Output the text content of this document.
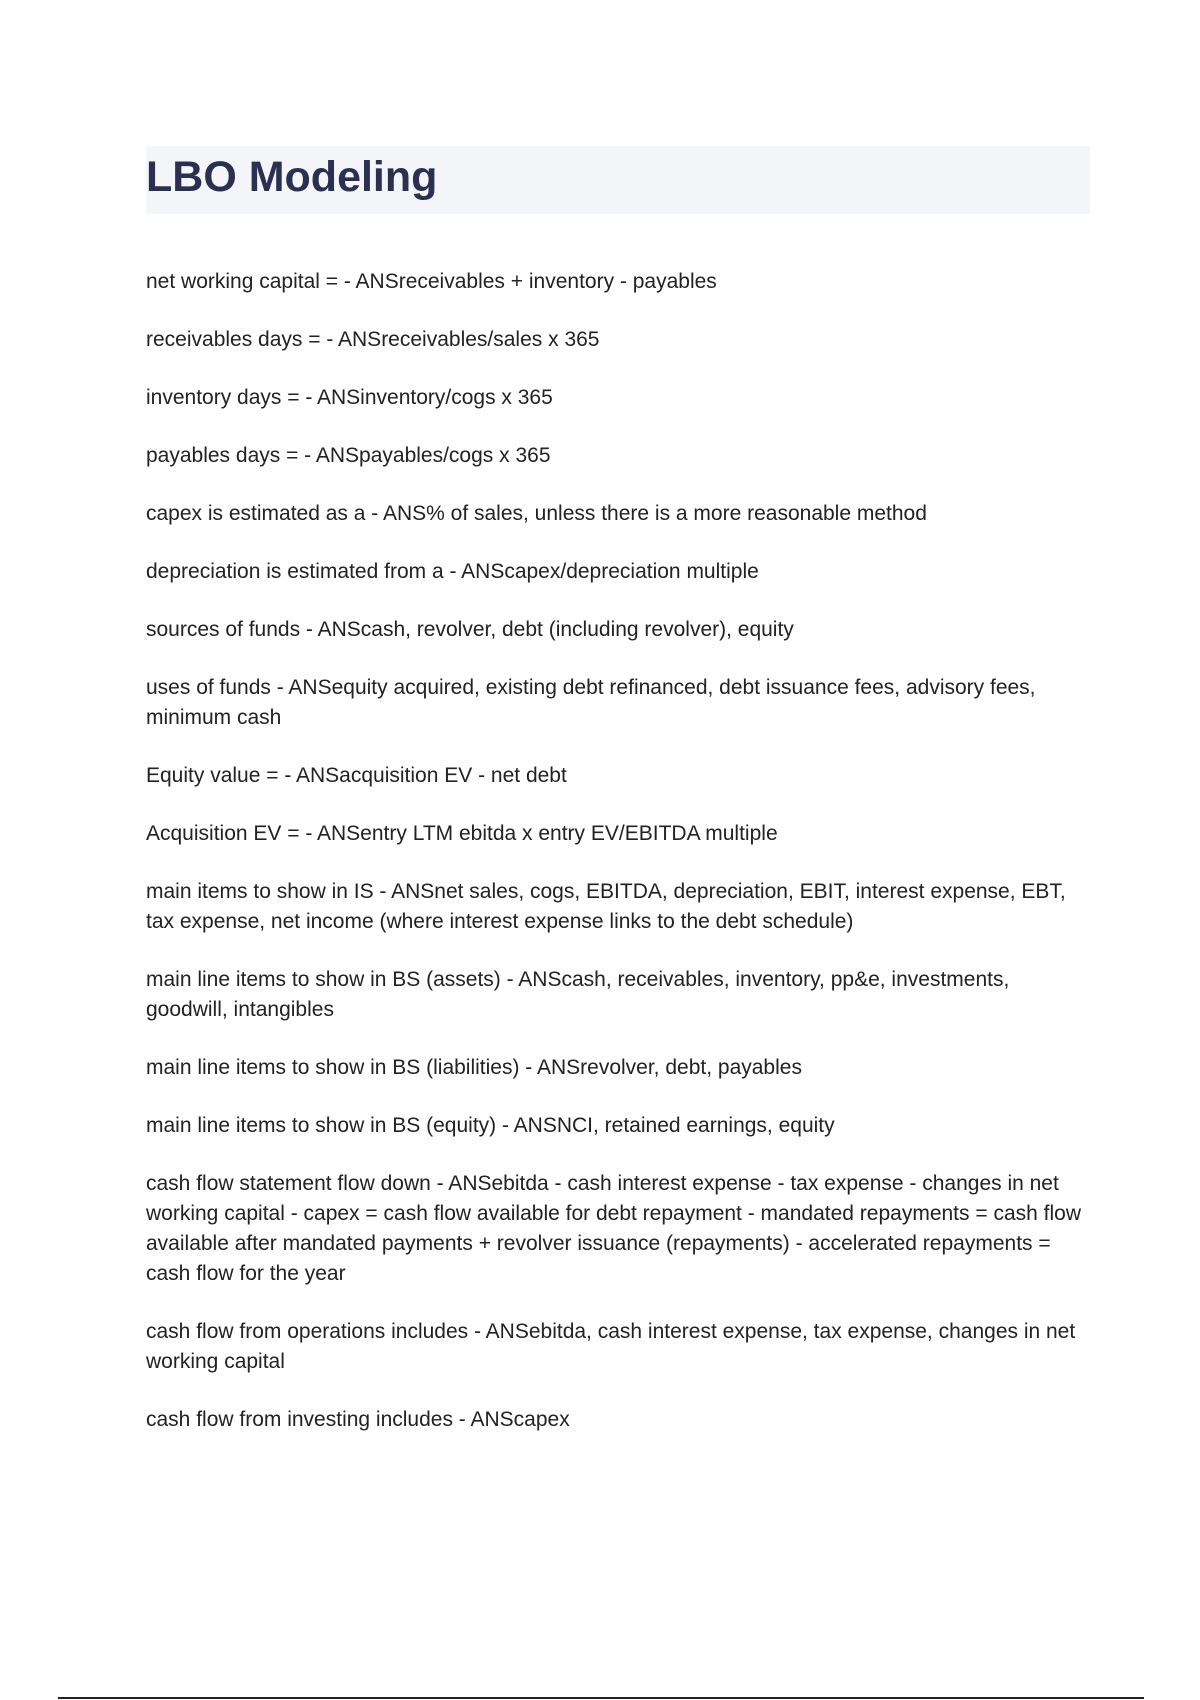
LBO Modeling
net working capital = - ANSreceivables + inventory - payables
receivables days = - ANSreceivables/sales x 365
inventory days = - ANSinventory/cogs x 365
payables days = - ANSpayables/cogs x 365
capex is estimated as a - ANS% of sales, unless there is a more reasonable method
depreciation is estimated from a - ANScapex/depreciation multiple
sources of funds - ANScash, revolver, debt (including revolver), equity
uses of funds - ANSequity acquired, existing debt refinanced, debt issuance fees, advisory fees, minimum cash
Equity value = - ANSacquisition EV - net debt
Acquisition EV = - ANSentry LTM ebitda x entry EV/EBITDA multiple
main items to show in IS - ANSnet sales, cogs, EBITDA, depreciation, EBIT, interest expense, EBT, tax expense, net income (where interest expense links to the debt schedule)
main line items to show in BS (assets) - ANScash, receivables, inventory, pp&e, investments, goodwill, intangibles
main line items to show in BS (liabilities) - ANSrevolver, debt, payables
main line items to show in BS (equity) - ANSNCI, retained earnings, equity
cash flow statement flow down - ANSebitda - cash interest expense - tax expense - changes in net working capital - capex = cash flow available for debt repayment - mandated repayments = cash flow available after mandated payments + revolver issuance (repayments) - accelerated repayments = cash flow for the year
cash flow from operations includes - ANSebitda, cash interest expense, tax expense, changes in net working capital
cash flow from investing includes - ANScapex
